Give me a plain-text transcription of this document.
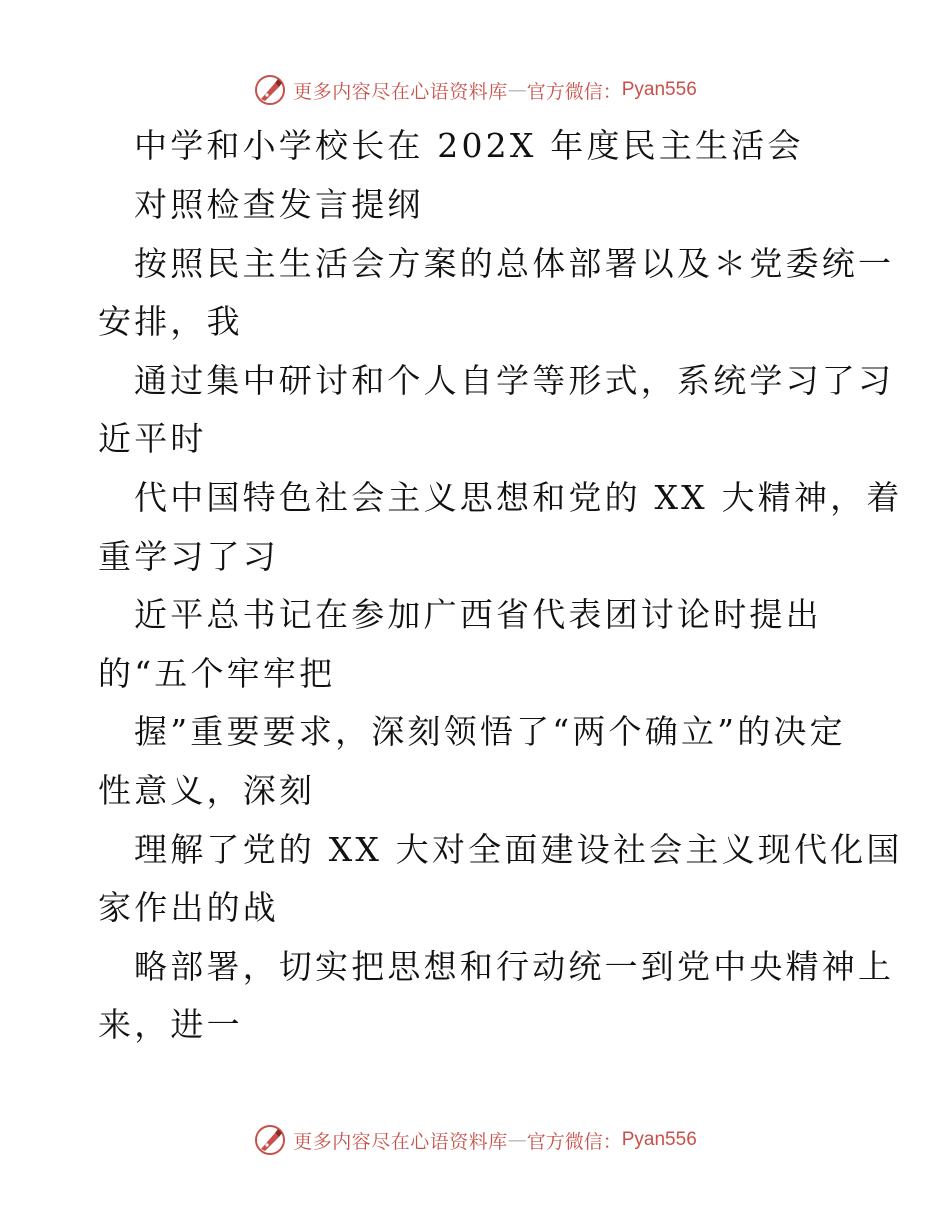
更多内容尽在心语资料库 — 官方微信： Pyan556
中学和小学校长在 202X 年度民主生活会
对照检查发言提纲
按照民主生活会方案的总体部署以及＊党委统一
安排，我
通过集中研讨和个人自学等形式，系统学习了习
近平时
代中国特色社会主义思想和党的 XX 大精神，着
重学习了习
近平总书记在参加广西省代表团讨论时提出
的“五个牢牢把
握”重要要求，深刻领悟了“两个确立”的决定
性意义，深刻
理解了党的 XX 大对全面建设社会主义现代化国
家作出的战
略部署，切实把思想和行动统一到党中央精神上
来，进一
更多内容尽在心语资料库 — 官方微信： Pyan556
